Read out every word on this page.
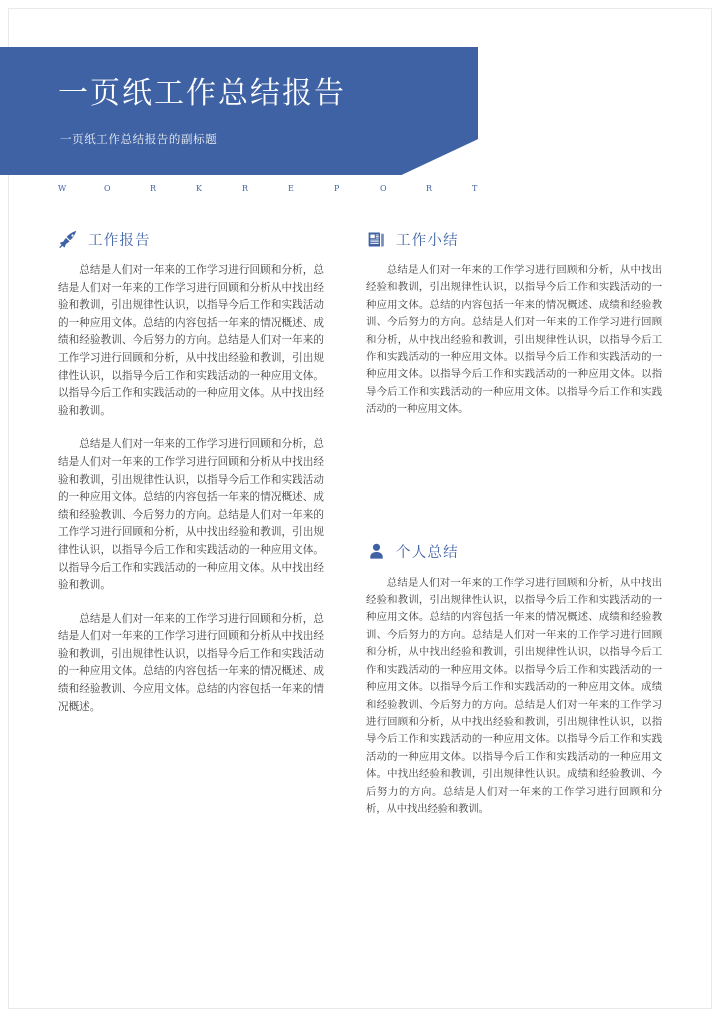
一页纸工作总结报告
一页纸工作总结报告的副标题
W	O	R	K	R	E	P	O	R	T
工作报告

总结是人们对一年来的工作学习进行回顾和分析，总结是人们对一年来的工作学习进行回顾和分析从中找出经验和教训，引出规律性认识，以指导今后工作和实践活动的一种应用文体。总结的内容包括一年来的情况概述、成绩和经验教训、今后努力的方向。总结是人们对一年来的工作学习进行回顾和分析，从中找出经验和教训，引出规律性认识，以指导今后工作和实践活动的一种应用文体。以指导今后工作和实践活动的一种应用文体。从中找出经验和教训。

总结是人们对一年来的工作学习进行回顾和分析，总结是人们对一年来的工作学习进行回顾和分析从中找出经验和教训，引出规律性认识，以指导今后工作和实践活动的一种应用文体。总结的内容包括一年来的情况概述、成绩和经验教训、今后努力的方向。总结是人们对一年来的工作学习进行回顾和分析，从中找出经验和教训，引出规律性认识，以指导今后工作和实践活动的一种应用文体。以指导今后工作和实践活动的一种应用文体。从中找出经验和教训。

总结是人们对一年来的工作学习进行回顾和分析，总结是人们对一年来的工作学习进行回顾和分析从中找出经验和教训，引出规律性认识，以指导今后工作和实践活动的一种应用文体。总结的内容包括一年来的情况概述、成绩和经验教训、今应用文体。总结的内容包括一年来的情况概述。

工作小结

总结是人们对一年来的工作学习进行回顾和分析，从中找出经验和教训，引出规律性认识，以指导今后工作和实践活动的一种应用文体。总结的内容包括一年来的情况概述、成绩和经验教训、今后努力的方向。总结是人们对一年来的工作学习进行回顾和分析，从中找出经验和教训，引出规律性认识，以指导今后工作和实践活动的一种应用文体。以指导今后工作和实践活动的一种应用文体。以指导今后工作和实践活动的一种应用文体。以指导今后工作和实践活动的一种应用文体。以指导今后工作和实践活动的一种应用文体。

个人总结

总结是人们对一年来的工作学习进行回顾和分析，从中找出经验和教训，引出规律性认识，以指导今后工作和实践活动的一种应用文体。总结的内容包括一年来的情况概述、成绩和经验教训、今后努力的方向。总结是人们对一年来的工作学习进行回顾和分析，从中找出经验和教训，引出规律性认识，以指导今后工作和实践活动的一种应用文体。以指导今后工作和实践活动的一种应用文体。以指导今后工作和实践活动的一种应用文体。成绩和经验教训、今后努力的方向。总结是人们对一年来的工作学习进行回顾和分析，从中找出经验和教训，引出规律性认识，以指导今后工作和实践活动的一种应用文体。以指导今后工作和实践活动的一种应用文体。以指导今后工作和实践活动的一种应用文体。中找出经验和教训，引出规律性认识。成绩和经验教训、今后努力的方向。总结是人们对一年来的工作学习进行回顾和分析，从中找出经验和教训。
